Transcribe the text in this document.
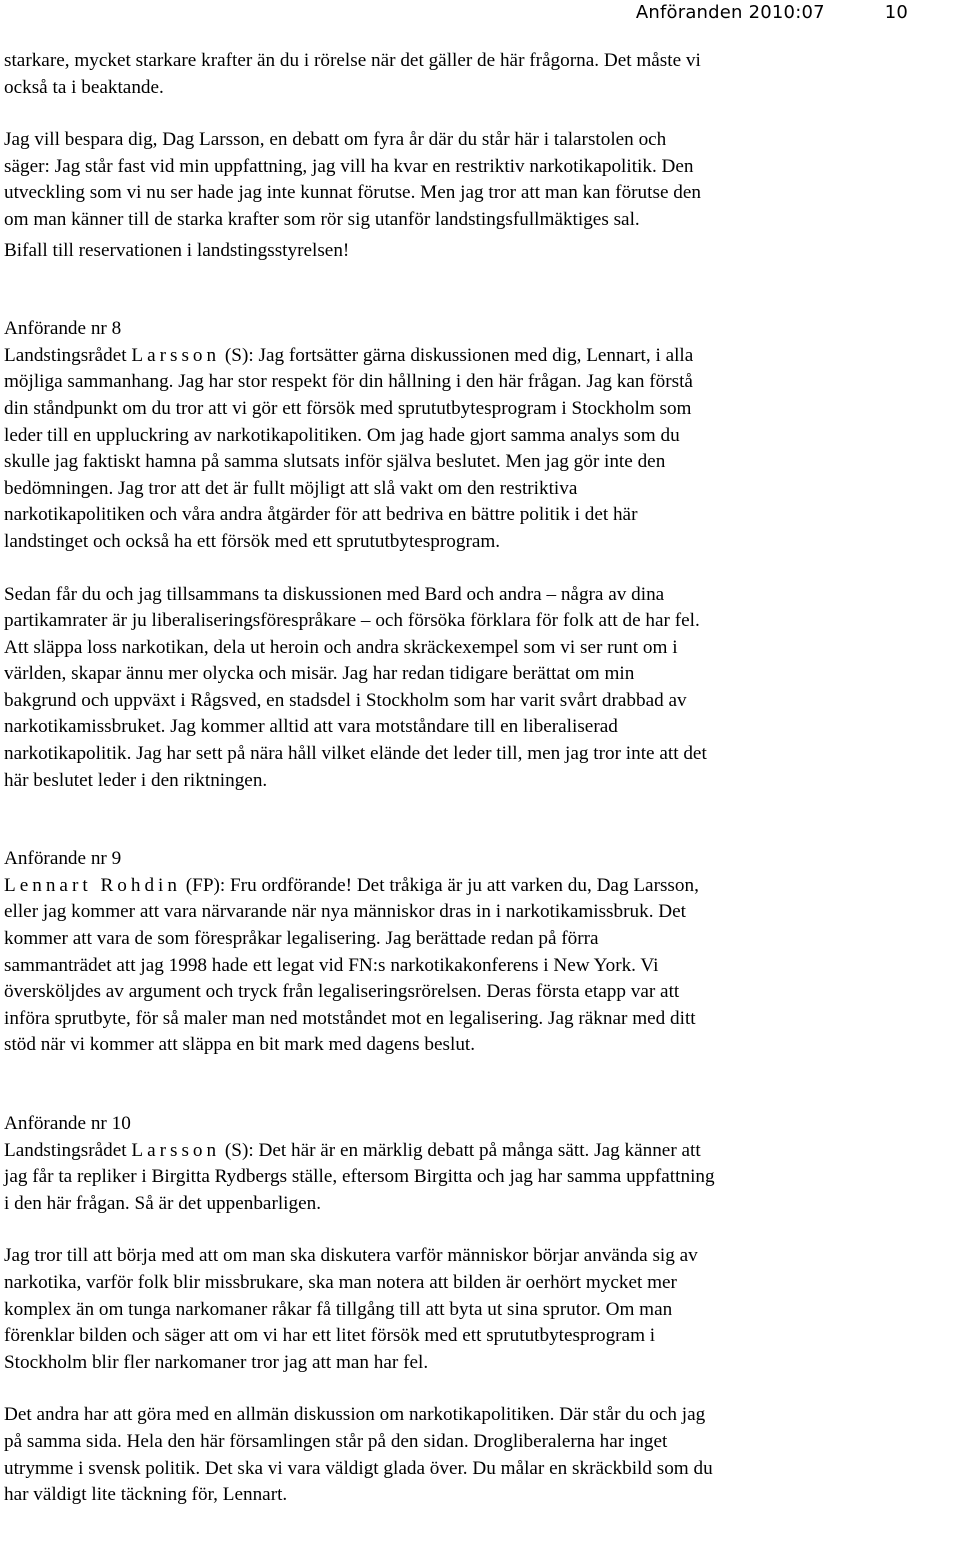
Anföranden 2010:07	10

starkare, mycket starkare krafter än du i rörelse när det gäller de här frågorna. Det måste vi
också ta i beaktande.

Jag vill bespara dig, Dag Larsson, en debatt om fyra år där du står här i talarstolen och
säger: Jag står fast vid min uppfattning, jag vill ha kvar en restriktiv narkotikapolitik. Den
utveckling som vi nu ser hade jag inte kunnat förutse. Men jag tror att man kan förutse den
om man känner till de starka krafter som rör sig utanför landstingsfullmäktiges sal.

Bifall till reservationen i landstingsstyrelsen!

Anförande nr 8

Landstingsrådet Larsson (S): Jag fortsätter gärna diskussionen med dig, Lennart, i alla
möjliga sammanhang. Jag har stor respekt för din hållning i den här frågan. Jag kan förstå
din ståndpunkt om du tror att vi gör ett försök med sprututbytesprogram i Stockholm som
leder till en uppluckring av narkotikapolitiken. Om jag hade gjort samma analys som du
skulle jag faktiskt hamna på samma slutsats inför själva beslutet. Men jag gör inte den
bedömningen. Jag tror att det är fullt möjligt att slå vakt om den restriktiva
narkotikapolitiken och våra andra åtgärder för att bedriva en bättre politik i det här
landstinget och också ha ett försök med ett sprututbytesprogram.

Sedan får du och jag tillsammans ta diskussionen med Bard och andra – några av dina
partikamrater är ju liberaliseringsförespråkare – och försöka förklara för folk att de har fel.
Att släppa loss narkotikan, dela ut heroin och andra skräckexempel som vi ser runt om i
världen, skapar ännu mer olycka och misär. Jag har redan tidigare berättat om min
bakgrund och uppväxt i Rågsved, en stadsdel i Stockholm som har varit svårt drabbad av
narkotikamissbruket. Jag kommer alltid att vara motståndare till en liberaliserad
narkotikapolitik. Jag har sett på nära håll vilket elände det leder till, men jag tror inte att det
här beslutet leder i den riktningen.

Anförande nr 9

Lennart Rohdin (FP): Fru ordförande! Det tråkiga är ju att varken du, Dag Larsson,
eller jag kommer att vara närvarande när nya människor dras in i narkotikamissbruk. Det
kommer att vara de som förespråkar legalisering. Jag berättade redan på förra
sammanträdet att jag 1998 hade ett legat vid FN:s narkotikakonferens i New York. Vi
översköljdes av argument och tryck från legaliseringsrörelsen. Deras första etapp var att
införa sprutbyte, för så maler man ned motståndet mot en legalisering. Jag räknar med ditt
stöd när vi kommer att släppa en bit mark med dagens beslut.

Anförande nr 10

Landstingsrådet Larsson (S): Det här är en märklig debatt på många sätt. Jag känner att
jag får ta repliker i Birgitta Rydbergs ställe, eftersom Birgitta och jag har samma uppfattning
i den här frågan. Så är det uppenbarligen.

Jag tror till att börja med att om man ska diskutera varför människor börjar använda sig av
narkotika, varför folk blir missbrukare, ska man notera att bilden är oerhört mycket mer
komplex än om tunga narkomaner råkar få tillgång till att byta ut sina sprutor. Om man
förenklar bilden och säger att om vi har ett litet försök med ett sprututbytesprogram i
Stockholm blir fler narkomaner tror jag att man har fel.

Det andra har att göra med en allmän diskussion om narkotikapolitiken. Där står du och jag
på samma sida. Hela den här församlingen står på den sidan. Drogliberalerna har inget
utrymme i svensk politik. Det ska vi vara väldigt glada över. Du målar en skräckbild som du
har väldigt lite täckning för, Lennart.
